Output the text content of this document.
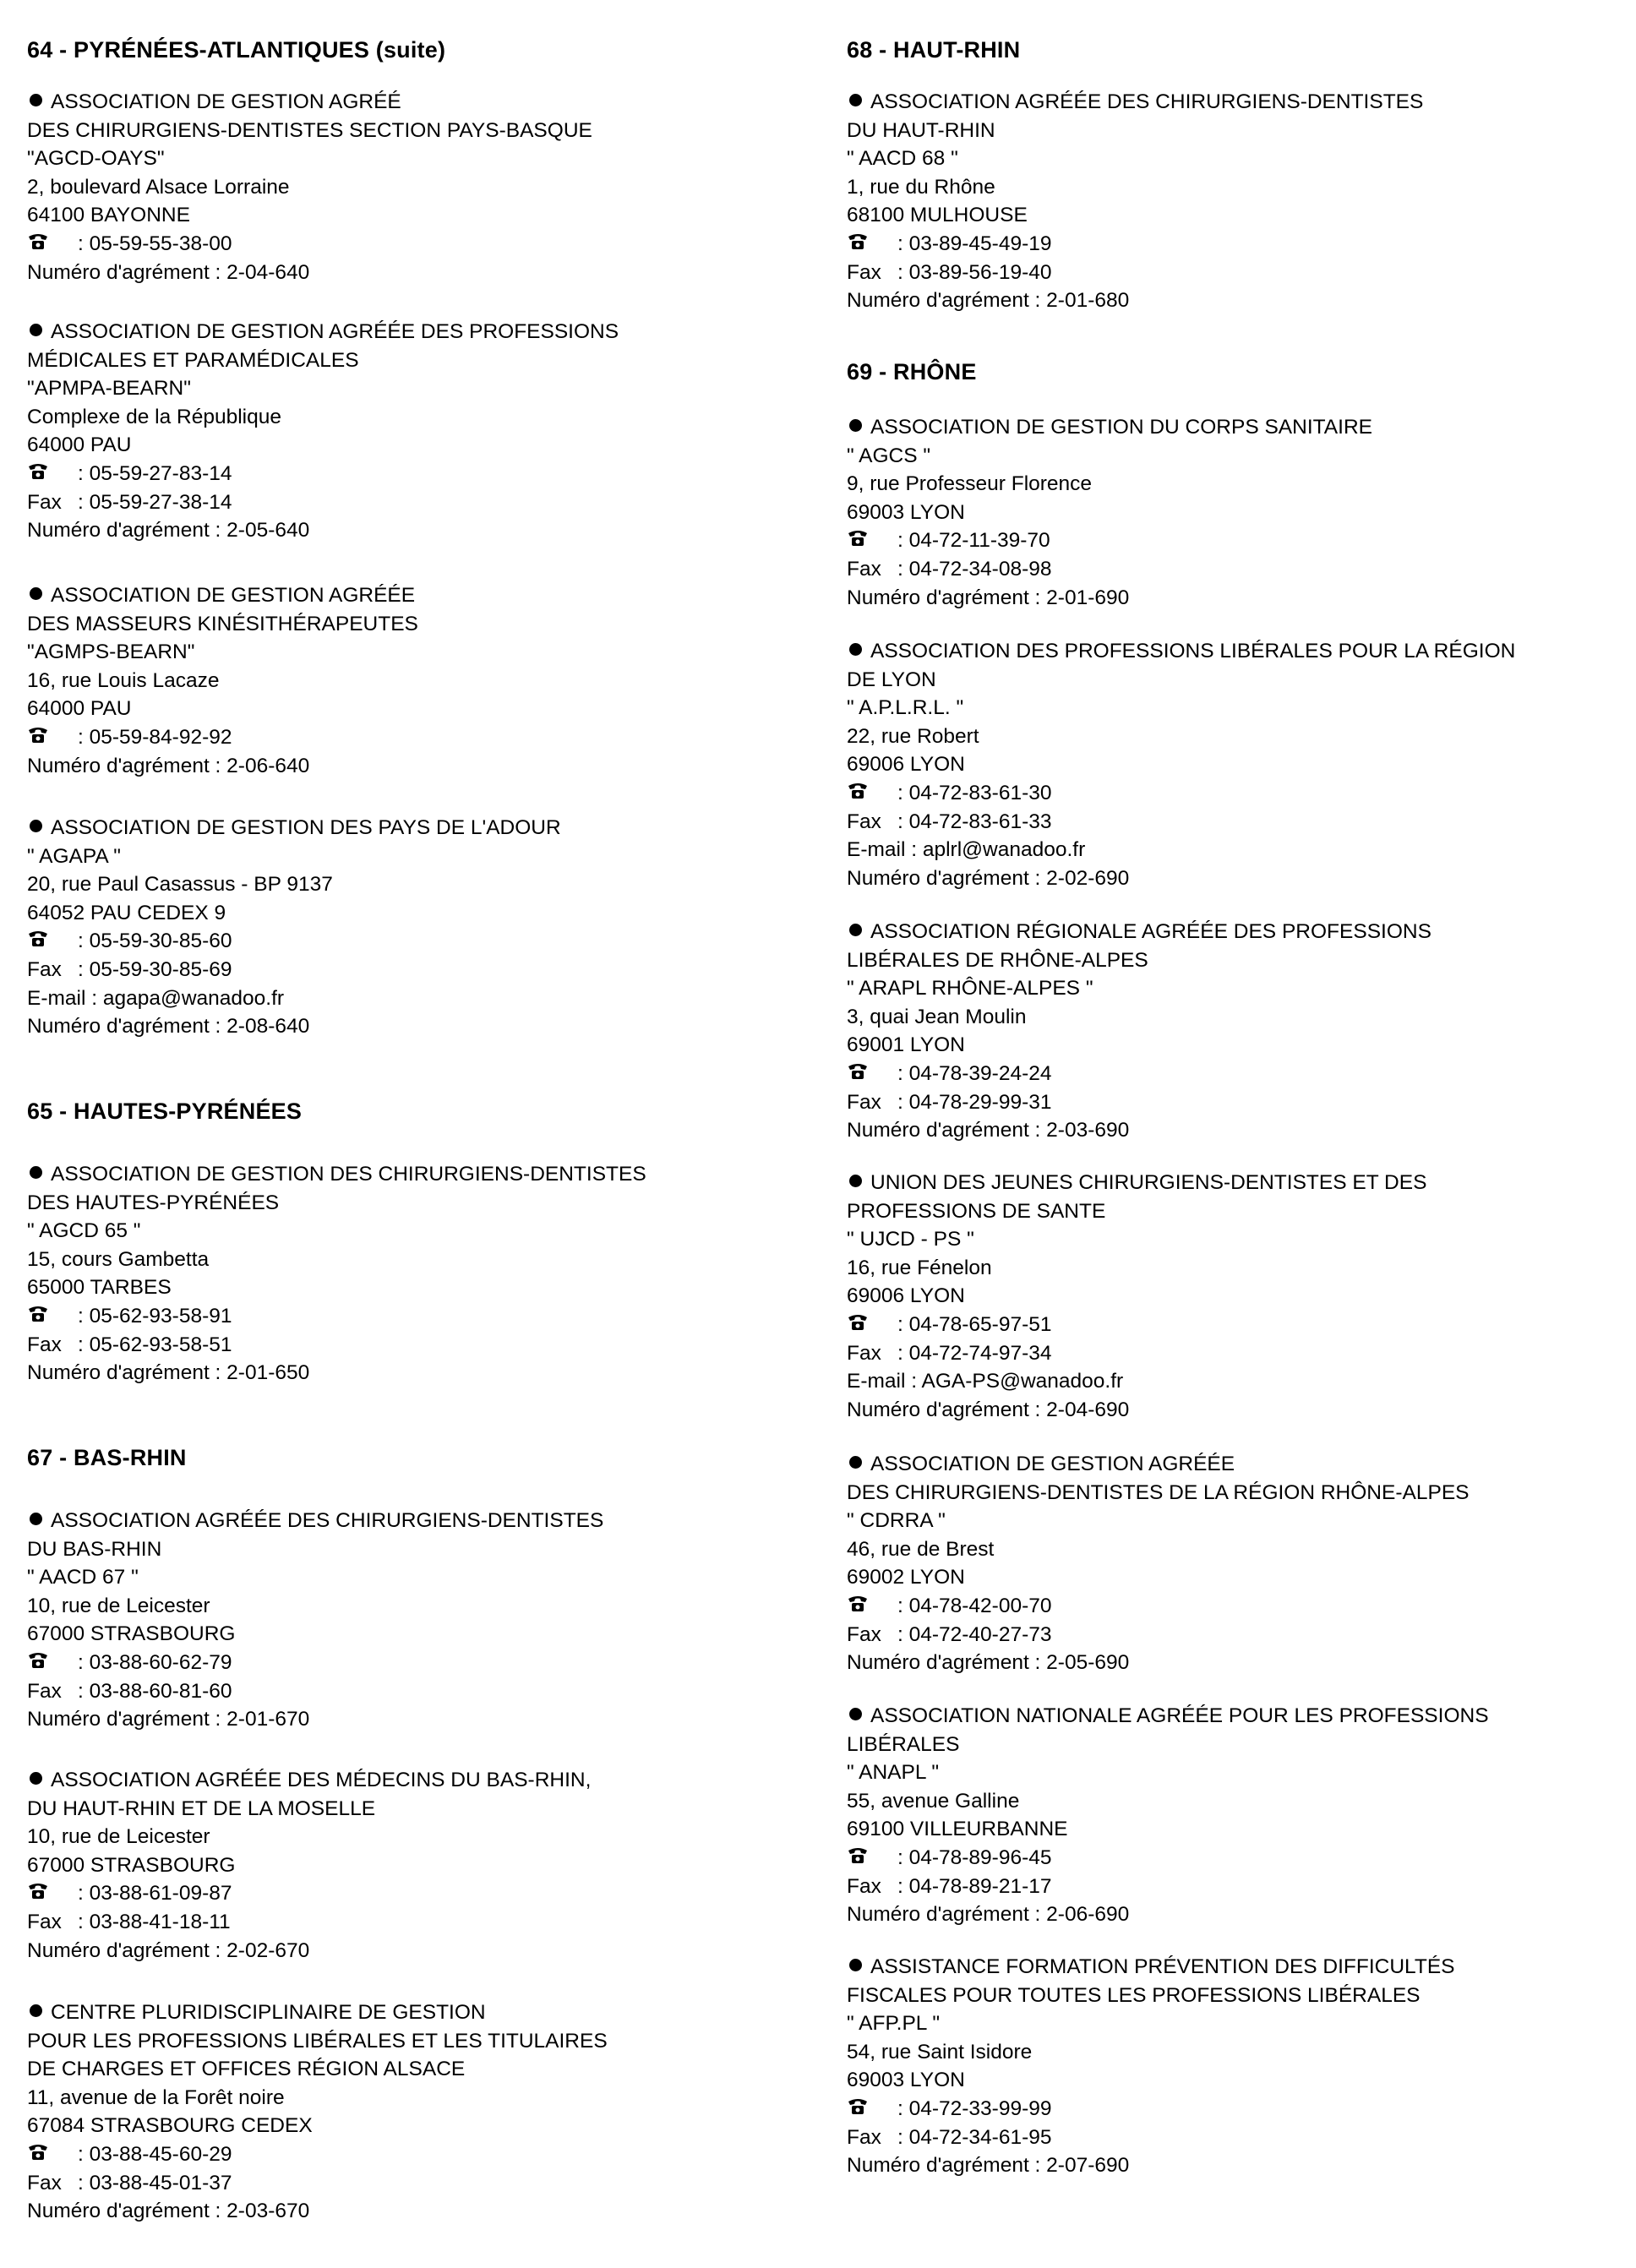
64 - PYRÉNÉES-ATLANTIQUES (suite)
ASSOCIATION DE GESTION AGRÉÉ
DES CHIRURGIENS-DENTISTES SECTION PAYS-BASQUE
"AGCD-OAYS"
2, boulevard Alsace Lorraine
64100 BAYONNE
: 05-59-55-38-00
Numéro d'agrément : 2-04-640
ASSOCIATION DE GESTION AGRÉÉE DES PROFESSIONS
MÉDICALES ET PARAMÉDICALES
"APMPA-BEARN"
Complexe de la République
64000 PAU
: 05-59-27-83-14
Fax : 05-59-27-38-14
Numéro d'agrément : 2-05-640
ASSOCIATION DE GESTION AGRÉÉE
DES MASSEURS KINÉSITHÉRAPEUTES
"AGMPS-BEARN"
16, rue Louis Lacaze
64000 PAU
: 05-59-84-92-92
Numéro d'agrément : 2-06-640
ASSOCIATION DE GESTION DES PAYS DE L'ADOUR
" AGAPA "
20, rue Paul Casassus - BP 9137
64052 PAU CEDEX 9
: 05-59-30-85-60
Fax : 05-59-30-85-69
E-mail : agapa@wanadoo.fr
Numéro d'agrément : 2-08-640
65 - HAUTES-PYRÉNÉES
ASSOCIATION DE GESTION DES CHIRURGIENS-DENTISTES
DES HAUTES-PYRÉNÉES
" AGCD 65 "
15, cours Gambetta
65000 TARBES
: 05-62-93-58-91
Fax : 05-62-93-58-51
Numéro d'agrément : 2-01-650
67 - BAS-RHIN
ASSOCIATION AGRÉÉE DES CHIRURGIENS-DENTISTES
DU BAS-RHIN
" AACD 67 "
10, rue de Leicester
67000 STRASBOURG
: 03-88-60-62-79
Fax : 03-88-60-81-60
Numéro d'agrément : 2-01-670
ASSOCIATION AGRÉÉE DES MÉDECINS DU BAS-RHIN,
DU HAUT-RHIN ET DE LA MOSELLE
10, rue de Leicester
67000 STRASBOURG
: 03-88-61-09-87
Fax : 03-88-41-18-11
Numéro d'agrément : 2-02-670
CENTRE PLURIDISCIPLINAIRE DE GESTION
POUR LES PROFESSIONS LIBÉRALES ET LES TITULAIRES
DE CHARGES ET OFFICES RÉGION ALSACE
11, avenue de la Forêt noire
67084 STRASBOURG CEDEX
: 03-88-45-60-29
Fax : 03-88-45-01-37
Numéro d'agrément : 2-03-670
68 - HAUT-RHIN
ASSOCIATION AGRÉÉE DES CHIRURGIENS-DENTISTES
DU HAUT-RHIN
" AACD 68 "
1, rue du Rhône
68100 MULHOUSE
: 03-89-45-49-19
Fax : 03-89-56-19-40
Numéro d'agrément : 2-01-680
69 - RHÔNE
ASSOCIATION DE GESTION DU CORPS SANITAIRE
" AGCS "
9, rue Professeur Florence
69003 LYON
: 04-72-11-39-70
Fax : 04-72-34-08-98
Numéro d'agrément : 2-01-690
ASSOCIATION DES PROFESSIONS LIBÉRALES POUR LA RÉGION
DE LYON
" A.P.L.R.L. "
22, rue Robert
69006 LYON
: 04-72-83-61-30
Fax : 04-72-83-61-33
E-mail : aplrl@wanadoo.fr
Numéro d'agrément : 2-02-690
ASSOCIATION RÉGIONALE AGRÉÉE DES PROFESSIONS
LIBÉRALES DE RHÔNE-ALPES
" ARAPL RHÔNE-ALPES "
3, quai Jean Moulin
69001 LYON
: 04-78-39-24-24
Fax : 04-78-29-99-31
Numéro d'agrément : 2-03-690
UNION DES JEUNES CHIRURGIENS-DENTISTES ET DES
PROFESSIONS DE SANTE
" UJCD - PS "
16, rue Fénelon
69006 LYON
: 04-78-65-97-51
Fax : 04-72-74-97-34
E-mail : AGA-PS@wanadoo.fr
Numéro d'agrément : 2-04-690
ASSOCIATION DE GESTION AGRÉÉE
DES CHIRURGIENS-DENTISTES DE LA RÉGION RHÔNE-ALPES
" CDRRA "
46, rue de Brest
69002 LYON
: 04-78-42-00-70
Fax : 04-72-40-27-73
Numéro d'agrément : 2-05-690
ASSOCIATION NATIONALE AGRÉÉE POUR LES PROFESSIONS
LIBÉRALES
" ANAPL "
55, avenue Galline
69100 VILLEURBANNE
: 04-78-89-96-45
Fax : 04-78-89-21-17
Numéro d'agrément : 2-06-690
ASSISTANCE FORMATION PRÉVENTION DES DIFFICULTÉS
FISCALES POUR TOUTES LES PROFESSIONS LIBÉRALES
" AFP.PL "
54, rue Saint Isidore
69003 LYON
: 04-72-33-99-99
Fax : 04-72-34-61-95
Numéro d'agrément : 2-07-690
